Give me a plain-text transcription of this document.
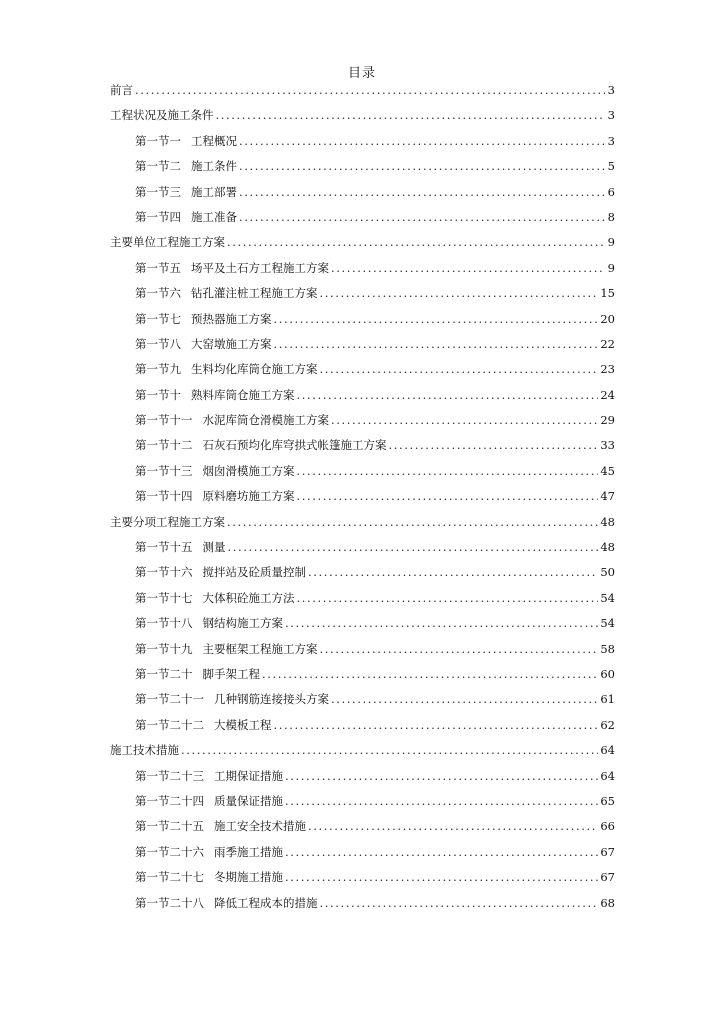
目录
前言 .....	3
工程状况及施工条件 .....	3
第一节一 工程概况 .....	3
第一节二 施工条件 .....	5
第一节三 施工部署 .....	6
第一节四 施工准备 .....	8
主要单位工程施工方案 .....	9
第一节五 场平及土石方工程施工方案 .....	9
第一节六 钻孔灌注桩工程施工方案 .....	15
第一节七 预热器施工方案 .....	20
第一节八 大窑墩施工方案 .....	22
第一节九 生料均化库筒仓施工方案 .....	23
第一节十 熟料库筒仓施工方案 .....	24
第一节十一 水泥库筒仓滑模施工方案 .....	29
第一节十二 石灰石预均化库穹拱式帐篷施工方案 .....	33
第一节十三 烟囱滑模施工方案 .....	45
第一节十四 原料磨坊施工方案 .....	47
主要分项工程施工方案 .....	48
第一节十五 测量 .....	48
第一节十六 搅拌站及砼质量控制 .....	50
第一节十七 大体积砼施工方法 .....	54
第一节十八 钢结构施工方案 .....	54
第一节十九 主要框架工程施工方案 .....	58
第一节二十 脚手架工程 .....	60
第一节二十一 几种钢筋连接接头方案 .....	61
第一节二十二 大模板工程 .....	62
施工技术措施 .....	64
第一节二十三 工期保证措施 .....	64
第一节二十四 质量保证措施 .....	65
第一节二十五 施工安全技术措施 .....	66
第一节二十六 雨季施工措施 .....	67
第一节二十七 冬期施工措施 .....	67
第一节二十八 降低工程成本的措施 .....	68
